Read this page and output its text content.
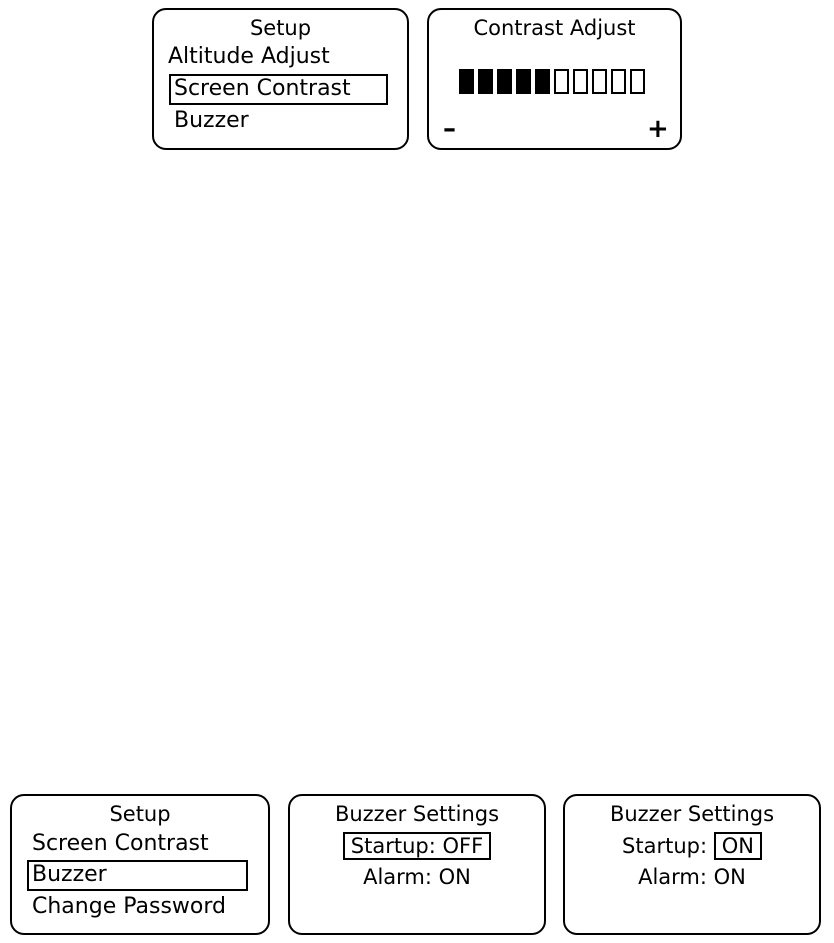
Setup
Altitude Adjust
Screen Contrast
Buzzer
Contrast Adjust
–	+
Setup
Screen Contrast
Buzzer
Change Password
Buzzer Settings
Startup: OFF
Alarm: ON
Buzzer Settings
Startup: ON
Alarm: ON
